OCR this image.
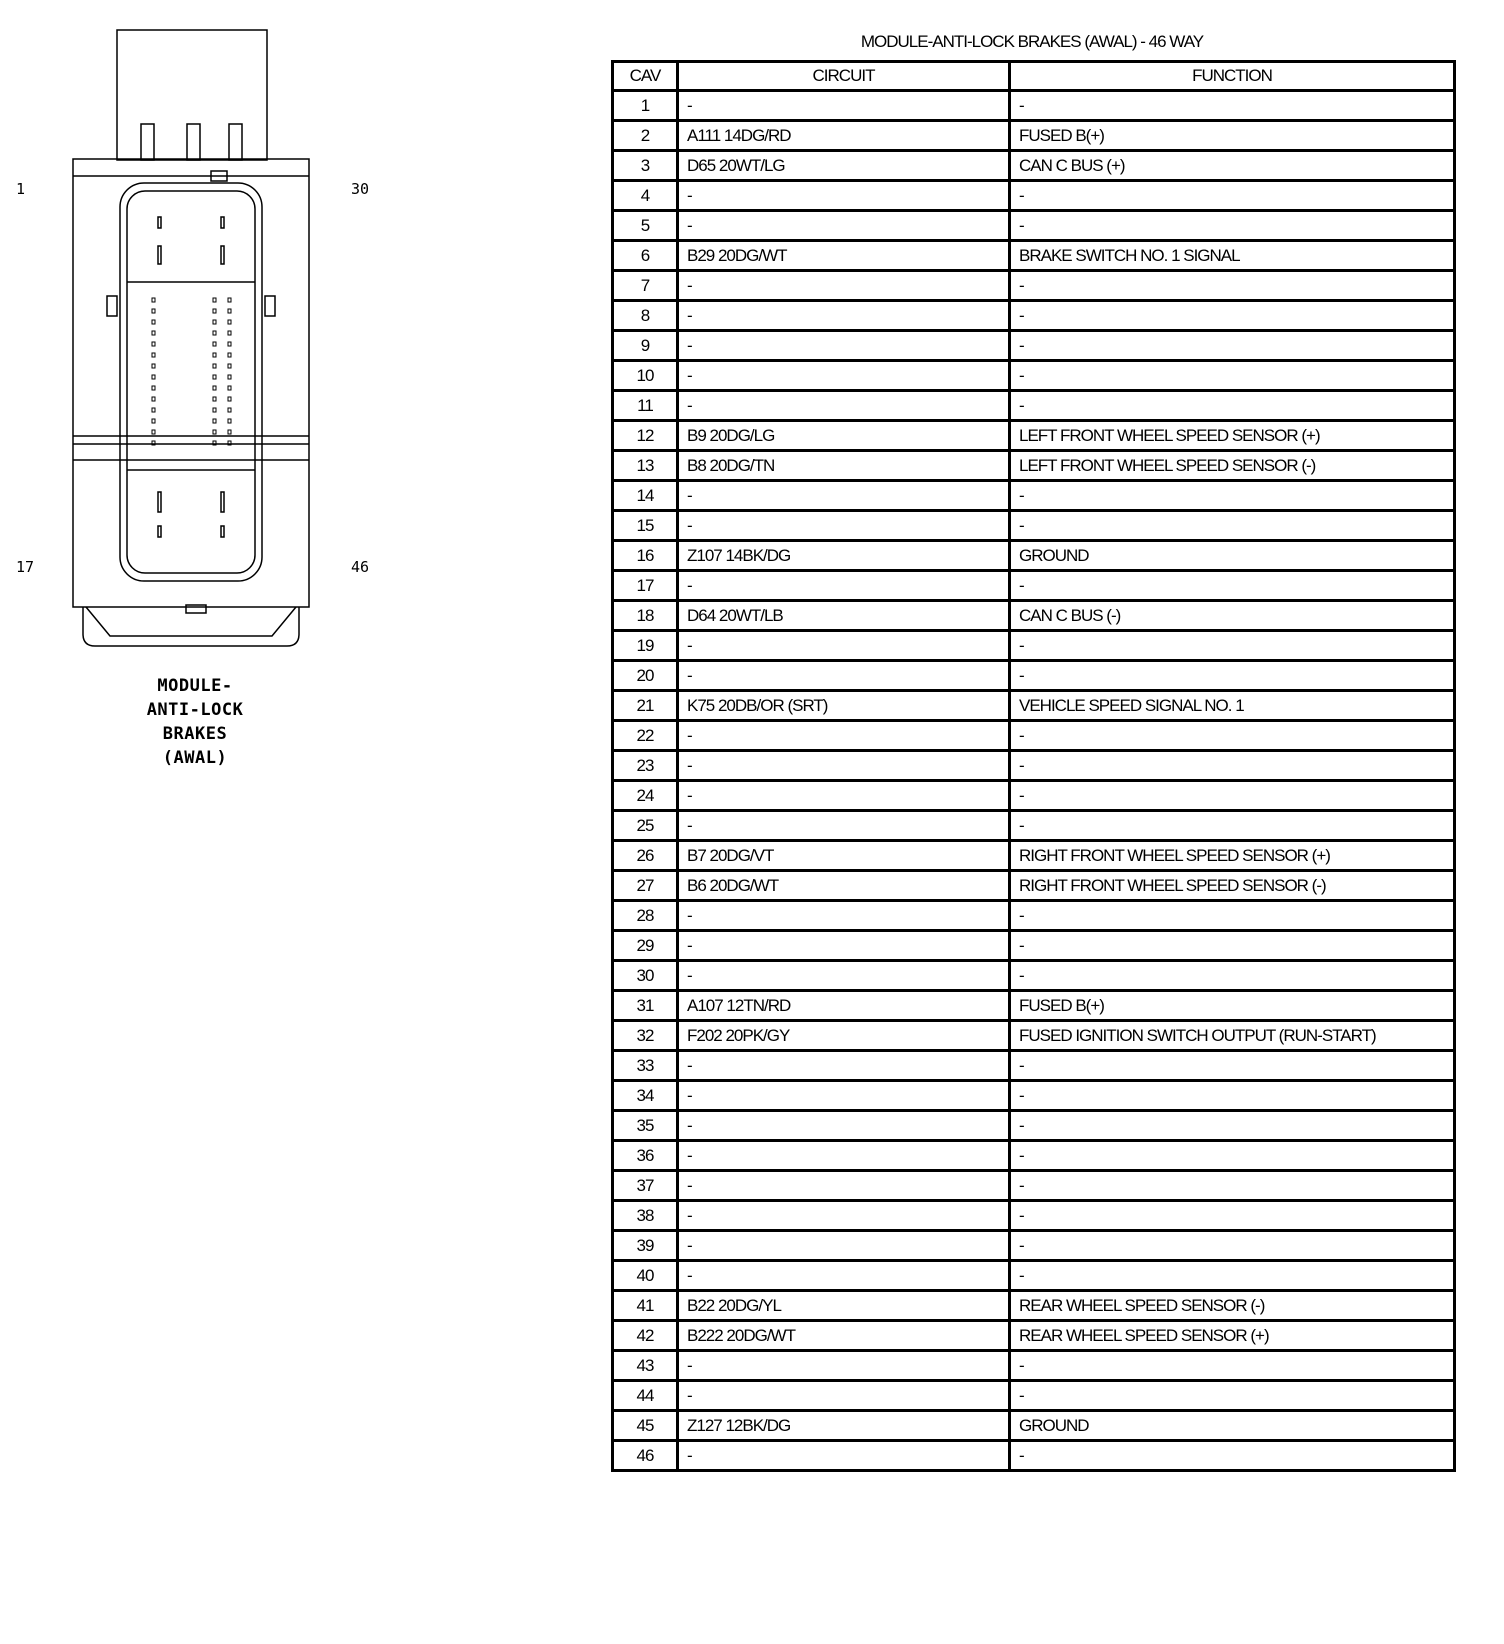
1	30
17	46
MODULE-
ANTI-LOCK
BRAKES
(AWAL)
MODULE-ANTI-LOCK BRAKES (AWAL) - 46 WAY
CAV	CIRCUIT	FUNCTION
1	-	-
2	A111 14DG/RD	FUSED B(+)
3	D65 20WT/LG	CAN C BUS (+)
4	-	-
5	-	-
6	B29 20DG/WT	BRAKE SWITCH NO. 1 SIGNAL
7	-	-
8	-	-
9	-	-
10	-	-
11	-	-
12	B9 20DG/LG	LEFT FRONT WHEEL SPEED SENSOR (+)
13	B8 20DG/TN	LEFT FRONT WHEEL SPEED SENSOR (-)
14	-	-
15	-	-
16	Z107 14BK/DG	GROUND
17	-	-
18	D64 20WT/LB	CAN C BUS (-)
19	-	-
20	-	-
21	K75 20DB/OR (SRT)	VEHICLE SPEED SIGNAL NO. 1
22	-	-
23	-	-
24	-	-
25	-	-
26	B7 20DG/VT	RIGHT FRONT WHEEL SPEED SENSOR (+)
27	B6 20DG/WT	RIGHT FRONT WHEEL SPEED SENSOR (-)
28	-	-
29	-	-
30	-	-
31	A107 12TN/RD	FUSED B(+)
32	F202 20PK/GY	FUSED IGNITION SWITCH OUTPUT (RUN-START)
33	-	-
34	-	-
35	-	-
36	-	-
37	-	-
38	-	-
39	-	-
40	-	-
41	B22 20DG/YL	REAR WHEEL SPEED SENSOR (-)
42	B222 20DG/WT	REAR WHEEL SPEED SENSOR (+)
43	-	-
44	-	-
45	Z127 12BK/DG	GROUND
46	-	-
